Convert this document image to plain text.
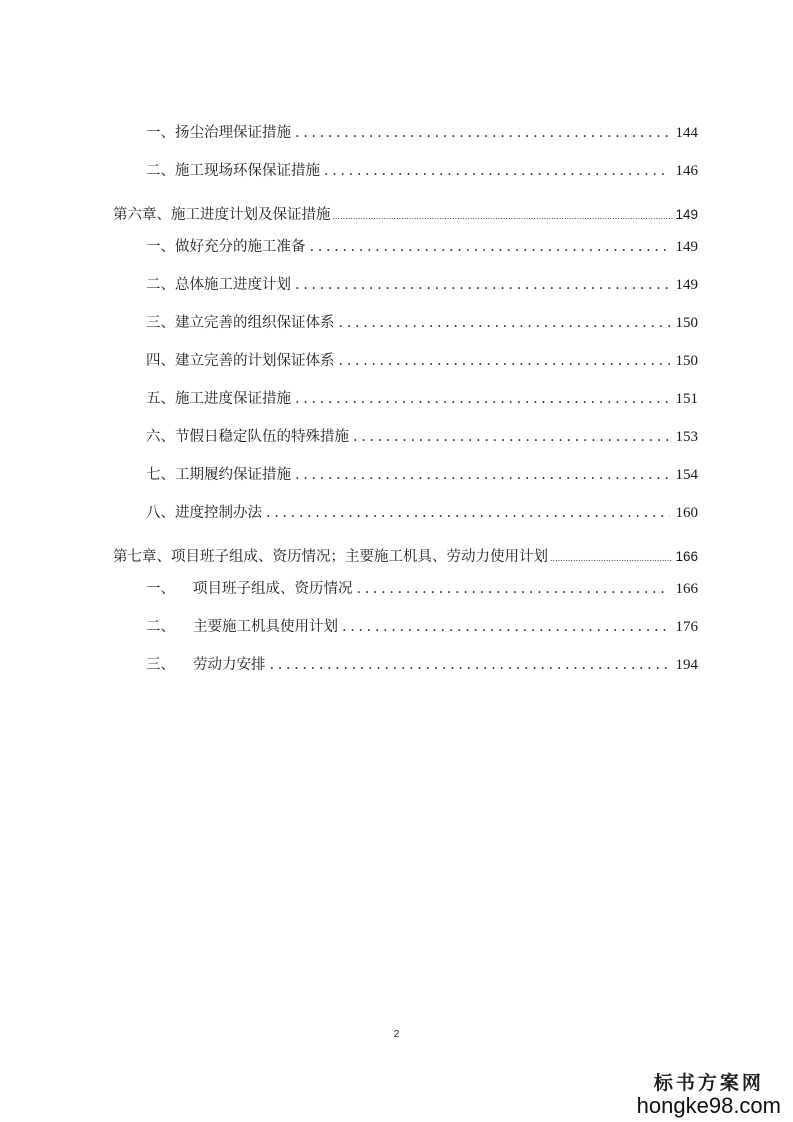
一、扬尘治理保证措施 .....	144
二、施工现场环保保证措施 .....	146
第六章、施工进度计划及保证措施 .....	149
一、做好充分的施工准备 .....	149
二、总体施工进度计划 .....	149
三、建立完善的组织保证体系 .....	150
四、建立完善的计划保证体系 .....	150
五、施工进度保证措施 .....	151
六、节假日稳定队伍的特殊措施 .....	153
七、工期履约保证措施 .....	154
八、进度控制办法 .....	160
第七章、项目班子组成、资历情况；主要施工机具、劳动力使用计划 .....	166
一、 项目班子组成、资历情况 .....	166
二、 主要施工机具使用计划 .....	176
三、 劳动力安排 .....	194
2
标书方案网
hongke98.com
